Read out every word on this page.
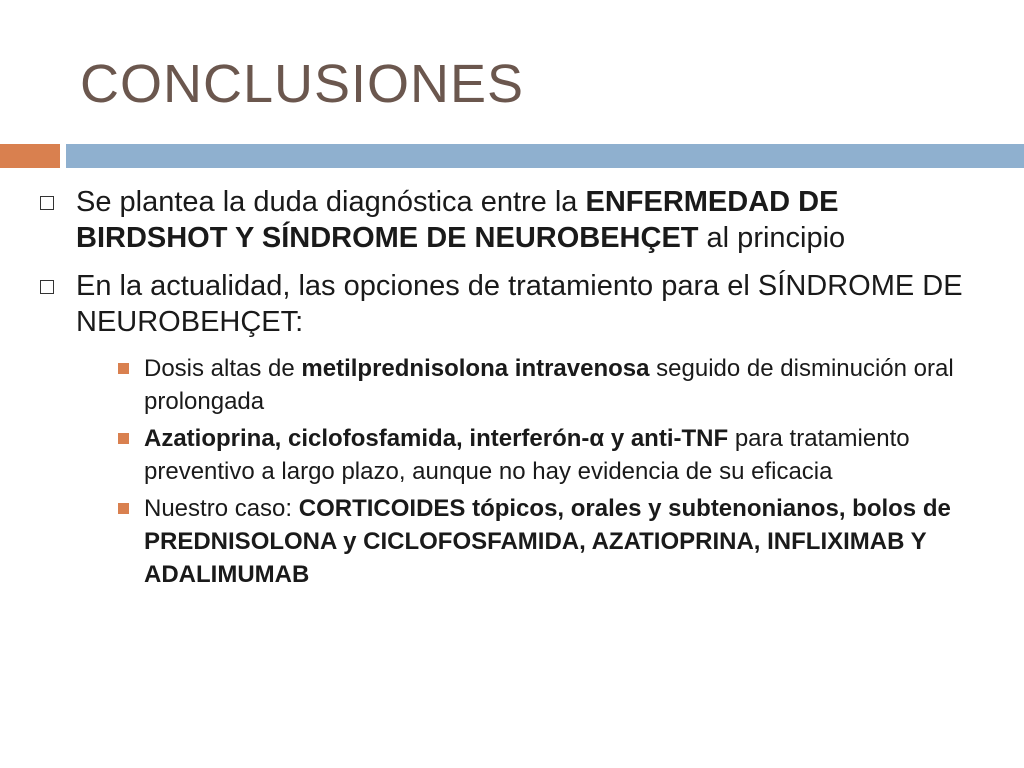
CONCLUSIONES
Se plantea la duda diagnóstica entre la ENFERMEDAD DE BIRDSHOT Y SÍNDROME DE NEUROBEHÇET al principio
En la actualidad, las opciones de tratamiento para el SÍNDROME DE NEUROBEHÇET:
Dosis altas de metilprednisolona intravenosa seguido de disminución oral prolongada
Azatioprina, ciclofosfamida, interferón-α y anti-TNF para tratamiento preventivo a largo plazo, aunque no hay evidencia de su eficacia
Nuestro caso: CORTICOIDES tópicos, orales y subtenonianos, bolos de PREDNISOLONA y CICLOFOSFAMIDA, AZATIOPRINA, INFLIXIMAB Y ADALIMUMAB
